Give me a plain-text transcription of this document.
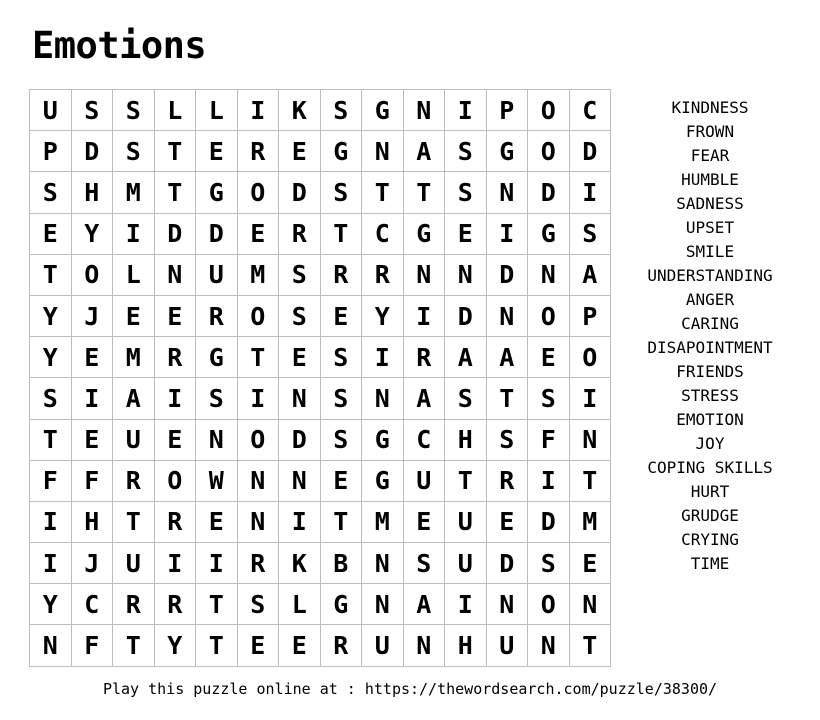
Emotions
U	S	S	L	L	I	K	S	G	N	I	P	O	C
P	D	S	T	E	R	E	G	N	A	S	G	O	D
S	H	M	T	G	O	D	S	T	T	S	N	D	I
E	Y	I	D	D	E	R	T	C	G	E	I	G	S
T	O	L	N	U	M	S	R	R	N	N	D	N	A
Y	J	E	E	R	O	S	E	Y	I	D	N	O	P
Y	E	M	R	G	T	E	S	I	R	A	A	E	O
S	I	A	I	S	I	N	S	N	A	S	T	S	I
T	E	U	E	N	O	D	S	G	C	H	S	F	N
F	F	R	O	W	N	N	E	G	U	T	R	I	T
I	H	T	R	E	N	I	T	M	E	U	E	D	M
I	J	U	I	I	R	K	B	N	S	U	D	S	E
Y	C	R	R	T	S	L	G	N	A	I	N	O	N
N	F	T	Y	T	E	E	R	U	N	H	U	N	T
KINDNESS
FROWN
FEAR
HUMBLE
SADNESS
UPSET
SMILE
UNDERSTANDING
ANGER
CARING
DISAPOINTMENT
FRIENDS
STRESS
EMOTION
JOY
COPING SKILLS
HURT
GRUDGE
CRYING
TIME
Play this puzzle online at : https://thewordsearch.com/puzzle/38300/
